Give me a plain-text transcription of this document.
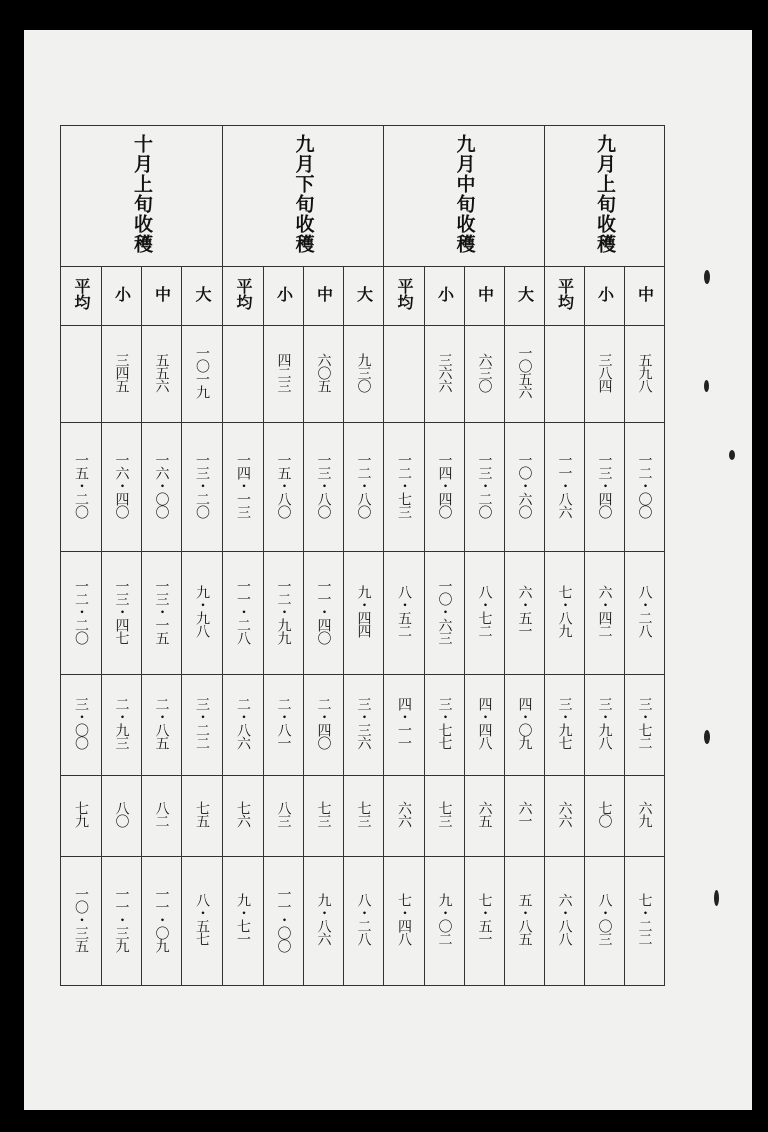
十月上旬收穫				九月下旬收穫				九月中旬收穫				九月上旬收穫		
平均	小	中	大	平均	小	中	大	平均	小	中	大	平均	小	中
	三四五	五五六	一〇一九		四二三	六〇五	九三〇		三六六	六三〇	一〇五六		三八四	五九八
一五・二〇	一六・四〇	一六・〇〇	一三・二〇	一四・一三	一五・八〇	一三・八〇	一二・八〇	一二・七三	一四・四〇	一三・二〇	一〇・六〇	一一・八六	一三・四〇	一二・〇〇
一二・二〇	一三・四七	一三・一五	九・九八	一一・二八	一二・九九	一一・四〇	九・四四	八・五二	一〇・六三	八・七二	六・五一	七・八九	六・四二	八・二八
三・〇〇	二・九三	二・八五	三・二二	二・八六	二・八一	二・四〇	三・三六	四・一一	三・七七	四・四八	四・〇九	三・九七	三・九八	三・七二
七九	八〇	八二	七五	七六	八三	七三	七三	六六	七三	六五	六一	六六	七〇	六九
一〇・三五	一一・三九	一一・〇九	八・五七	九・七一	一一・〇〇	九・八六	八・二八	七・四八	九・〇二	七・五一	五・八五	六・八八	八・〇三	七・二二
